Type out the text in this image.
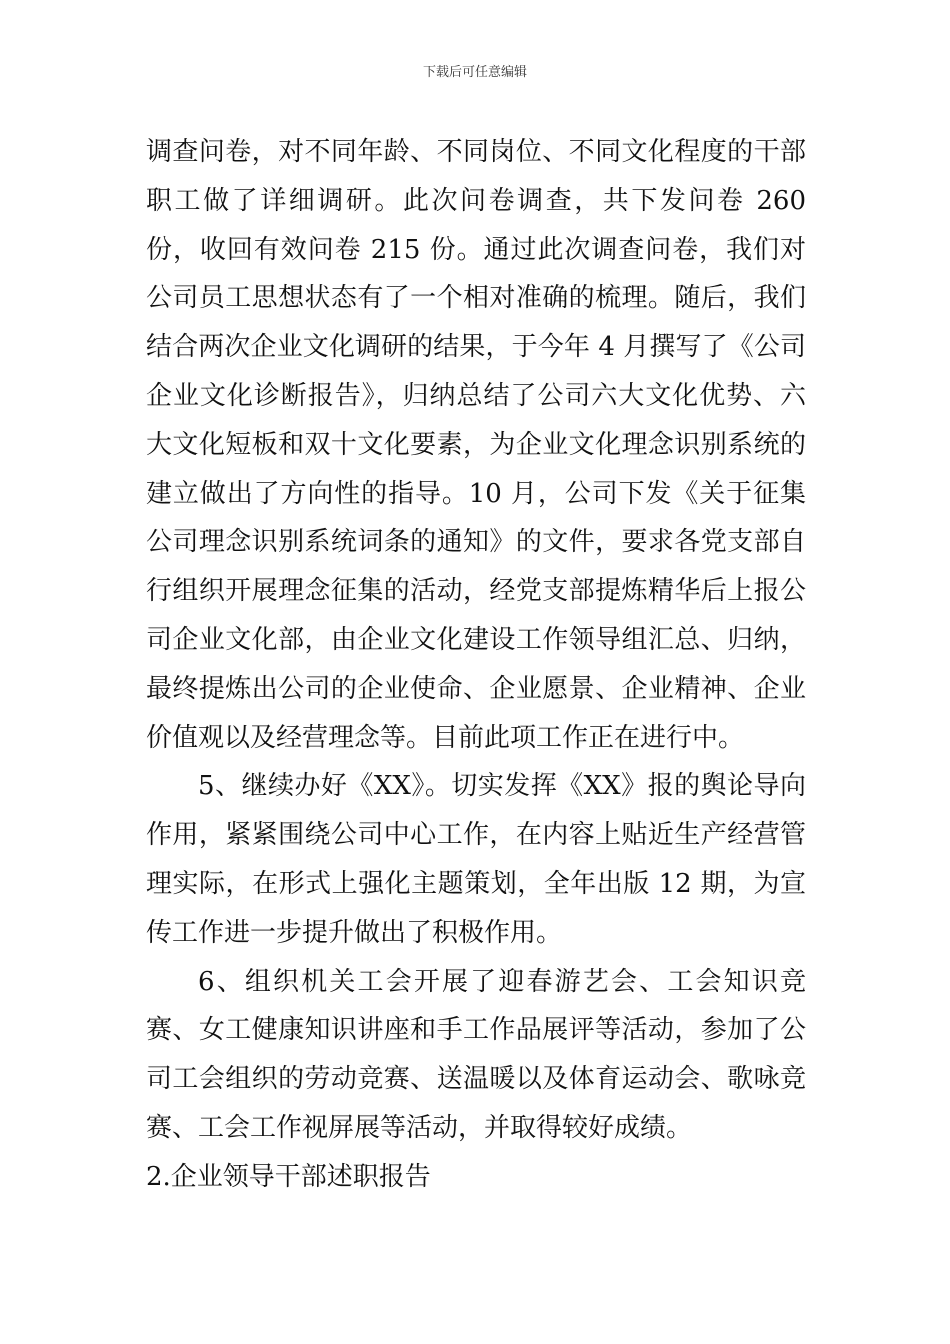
下载后可任意编辑

调查问卷，对不同年龄、不同岗位、不同文化程度的干部职工做了详细调研。此次问卷调查，共下发问卷 260 份，收回有效问卷 215 份。通过此次调查问卷，我们对公司员工思想状态有了一个相对准确的梳理。随后，我们结合两次企业文化调研的结果，于今年 4 月撰写了《公司企业文化诊断报告》，归纳总结了公司六大文化优势、六大文化短板和双十文化要素，为企业文化理念识别系统的建立做出了方向性的指导。10 月，公司下发《关于征集公司理念识别系统词条的通知》的文件，要求各党支部自行组织开展理念征集的活动，经党支部提炼精华后上报公司企业文化部，由企业文化建设工作领导组汇总、归纳，最终提炼出公司的企业使命、企业愿景、企业精神、企业价值观以及经营理念等。目前此项工作正在进行中。

5、继续办好《XX》。切实发挥《XX》报的舆论导向作用，紧紧围绕公司中心工作，在内容上贴近生产经营管理实际，在形式上强化主题策划，全年出版 12 期，为宣传工作进一步提升做出了积极作用。

6、组织机关工会开展了迎春游艺会、工会知识竞赛、女工健康知识讲座和手工作品展评等活动，参加了公司工会组织的劳动竞赛、送温暖以及体育运动会、歌咏竞赛、工会工作视屏展等活动，并取得较好成绩。

2.企业领导干部述职报告
